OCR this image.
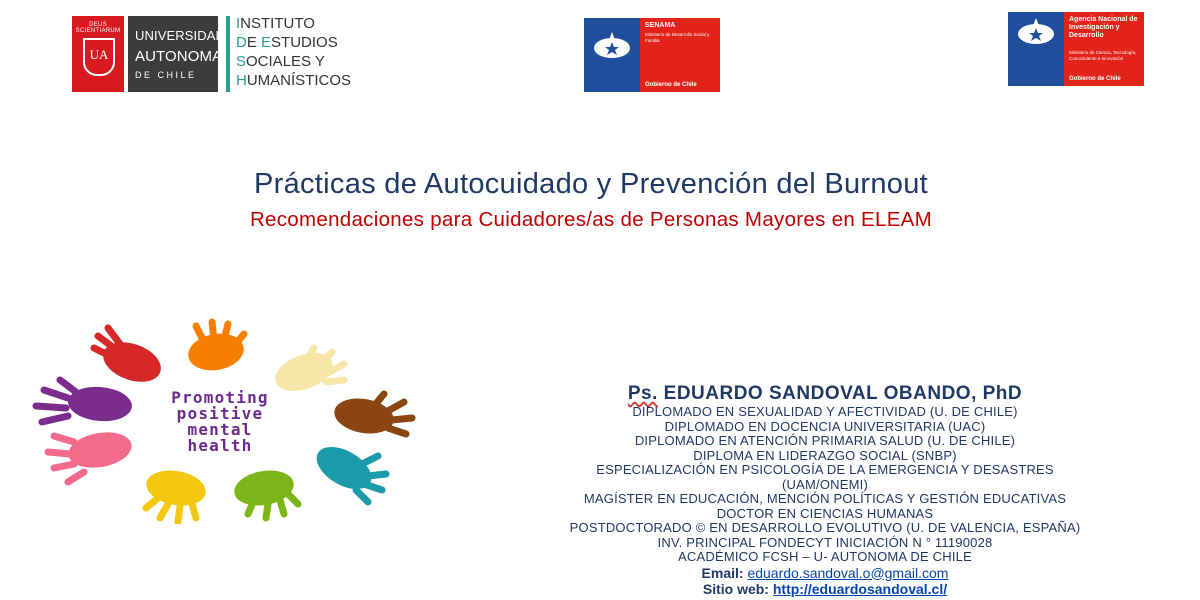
DEUS SCIENTIARUM
UA
UNIVERSIDAD
AUTONOMA
DE CHILE
INSTITUTO
DE ESTUDIOS
SOCIALES Y
HUMANÍSTICOS
SENAMA
Ministerio de Desarrollo Social y Familia
Gobierno de Chile
Agencia Nacional de Investigación y Desarrollo
Ministerio de Ciencia, Tecnología, Conocimiento e Innovación
Gobierno de Chile
Prácticas de Autocuidado y Prevención del Burnout
Recomendaciones para Cuidadores/as de Personas Mayores en ELEAM
Promoting
positive
mental
health
Ps. EDUARDO SANDOVAL OBANDO, PhD
DIPLOMADO EN SEXUALIDAD Y AFECTIVIDAD (U. DE CHILE)
DIPLOMADO EN DOCENCIA UNIVERSITARIA (UAC)
DIPLOMADO EN ATENCIÓN PRIMARIA SALUD (U. DE CHILE)
DIPLOMA EN LIDERAZGO SOCIAL (SNBP)
ESPECIALIZACIÓN EN PSICOLOGÍA DE LA EMERGENCIA Y DESASTRES
(UAM/ONEMI)
MAGÍSTER EN EDUCACIÓN, MENCIÓN POLÍTICAS Y GESTIÓN EDUCATIVAS
DOCTOR EN CIENCIAS HUMANAS
POSTDOCTORADO © EN DESARROLLO EVOLUTIVO (U. DE VALENCIA, ESPAÑA)
INV. PRINCIPAL FONDECYT INICIACIÓN N ° 11190028
ACADÉMICO FCSH – U- AUTONOMA DE CHILE
Email: eduardo.sandoval.o@gmail.com
Sitio web: http://eduardosandoval.cl/
